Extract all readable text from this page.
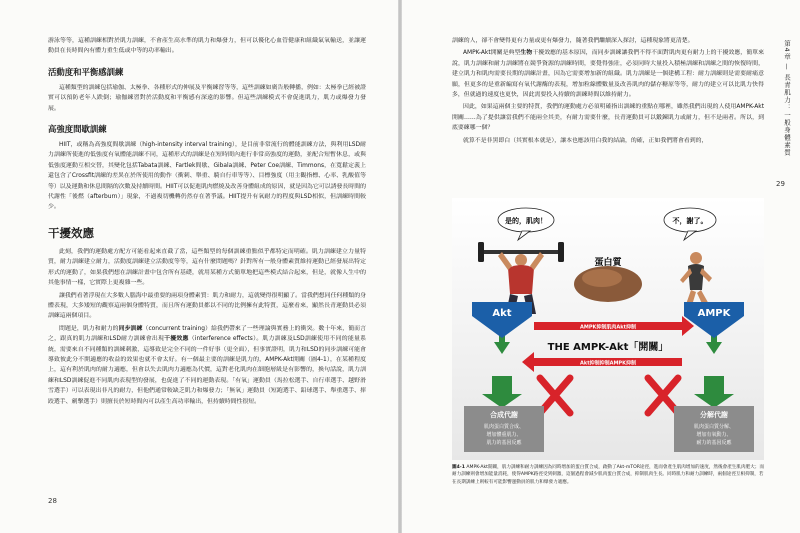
游泳等等，這種訓練相對於肌力訓練，不會產生高水準的肌力和爆發力，但可以優化心血管健康和組織氣氧輸送，並讓運動員在長時間內有體力重生低或中等的功率輸出。

活動度和平衡感訓練

這種類型的訓練包括瑜伽、太極拳、各種形式的伸展及平衡練習等等，這些訓練如廣告般轉播，例如：太極拳已經被證實可以預防老年人跌倒；瑜伽練習對於活動度和平衡感有深遠的影響。但這些訓練模式不會促進肌力，肌力或爆發力發展。

高強度間歇訓練

HIIT，或稱為高強度間歇訓練（high-intensity interval training），是目前非常流行的體能訓練方法，與利用LSD耐力訓練所使進的低強度有氧體能訓練不同，這種形式的訓練是在短時間內進行非常高強度的運動，並配合短暫休息，或與低強度運動互相交替，其變化包括Tabata訓練、Fartlek間歇、Gibala訓練、Peter Coe訓練、Timmons，在寬鬆定義上還包含了Crossfit訓練的差異在於所使用的動作（衝刺、舉重、騎自行車等等）、目標強度（用主觀指標、心率、乳酸值等等）以及運動和休息間隔的次數及持續時間。HIIT可以促進肌肉燃燒及改善身體組成的原因，就是因為它可以誘發長時間的代謝性「後燃（afterburn）」現象，不過複切機轉仍然存在著爭議。HIIT提升有氧耐力的程度與LSD相似，但訓練時間較少。

干擾效應

此刻，我們的運動處方配方可能看起來直截了當，這些類型的每個訓練重點似乎都特定而明確。肌力訓練建立力量特質，耐力訓練建立耐力，活動度訓練建立活動度等等，這有什麼問題嗎？針對所有一般身體素質維持運動已經發展出特定形式的運動了，如果我們想在訓練計畫中包含所有基礎，就用某種方式簡單地把這些模式結合起來，但是，就像人生中的其他事情一樣，它實際上更複雜一些。

讓我們看著浮現在大多數人腦海中最重要的兩項身體素質：肌力和耐力，這就變得很明顯了。當我們想同任何種類的身體表現，大多矮短的觀察這兩個身體特質，而且所有運動員都以不同的比例擁有此特質，這麼看來，顯然長青運動員必須訓練這兩個項目。

問題是，肌力和耐力的同步訓練（concurrent training）給我們帶來了一些理論與實務上的衝突。數十年來，簡而言之，跟真的肌力訓練和LSD耐力訓練會出現干擾效應（interference effects）。肌力訓練及LSD訓練使用不同的能量系統，需要來自不同種類的訓練刺激，這導致是完全不同的一件好事（更全面），但事實證明，肌力和LSD的同步訓練可能會導致彼此分不開適應的收益的效果也就不會太好。有一個最主要的訓練是肌力的，AMPK-Akt開關（圖4-1），在某種程度上，這有利於肌肉的耐力適應，但會以失去肌肉力適應為代價，這對老化肌肉在細胞層級是有影響的，換句話說，肌力訓練和LSD訓練促進不同肌肉表現型的發展，也促進了不同的運動表現。「有氧」運動員（馬拉松選手、自行車選手、越野滑雪選手）可以表現出非凡的耐力，但他們通常較缺乏肌力和爆發力；「無氧」運動員（短跑選手、鉛球選手、舉重選手、摔跤選手、劍擊選手）則擅長於短時間內可以產生高功率輸出，但持續時間性很短。

28

訓練的人，卻不會變得更有力量或更有爆發力，隨著我們繼續深入探討，這種現象將更清楚。

AMPK-Akt開關是典型生物干擾效應的基本原因，而同步訓練讓我們不得不面對肌肉更有耐力上的干擾效應，簡單來說，肌力訓練和耐力訓練將在競爭資源的訓練時間，要覺得強壯，必須同時大量投入積極訓練和訓練之間的恢復時間，建立肌力和肌肉需要長期的訓練計畫，因為它需要增加新的組織。肌力訓練是一個建構工程：耐力訓練則是需要耐痛意願，但更多的是重新編寫有氧代謝酶的表現，增加粒線體數量及改善肌肉的儲存糖原等等，耐力的建立可以比肌力快得多，但就過的速度也更快，因此需要投入持續的訓練時間以維持耐力。

因此，如果這兩個主要的特質，我們的運動處方必須明確指出訓練的重點在哪裡，雖然我們出現的人使用AMPK-Akt開關……為了提供讓當我們不能兩全其美，有耐力需要什麼，長青運動員可以鍛鍊肌力或耐力，但不是兩者。所以，到底要練哪一個？

就算不是非黑即白（其實根本就是），讓本也應該用白我的結論，的確，正如我們將會看到的，	第4章 — 長青肌力：一般身體素質
29
是的，肌肉！	不，謝了。
蛋白質
Akt	AMPK
AMPK抑制肌肉Akt抑制
THE AMPK-Akt「開關」
Akt抑制抑制AMPK抑制
合成代謝
肌肉蛋白質合成、
增加體重肌力、
肌力的基因反應
分解代謝
肌肉蛋白質分解、
增加有氧動力、
耐力的基因反應
圖4-1 AMPK-Akt開關，肌力訓練和耐力訓練因為同時增加的蛋白質合成，啟動了Akt-mTOR途徑，進而會產生肌肉增加的速度，然後會產生肌肉肥大；而耐力訓練則會增加能量消耗，使得AMPK路徑受到刺激，這個過程會減少肌肉蛋白質合成，抑制肌肉生長。同時肌力和耐力訓練時，兩個途徑互相抑制，若在長期訓練上則較有可能影響運動員的肌力和爆發力適應。
